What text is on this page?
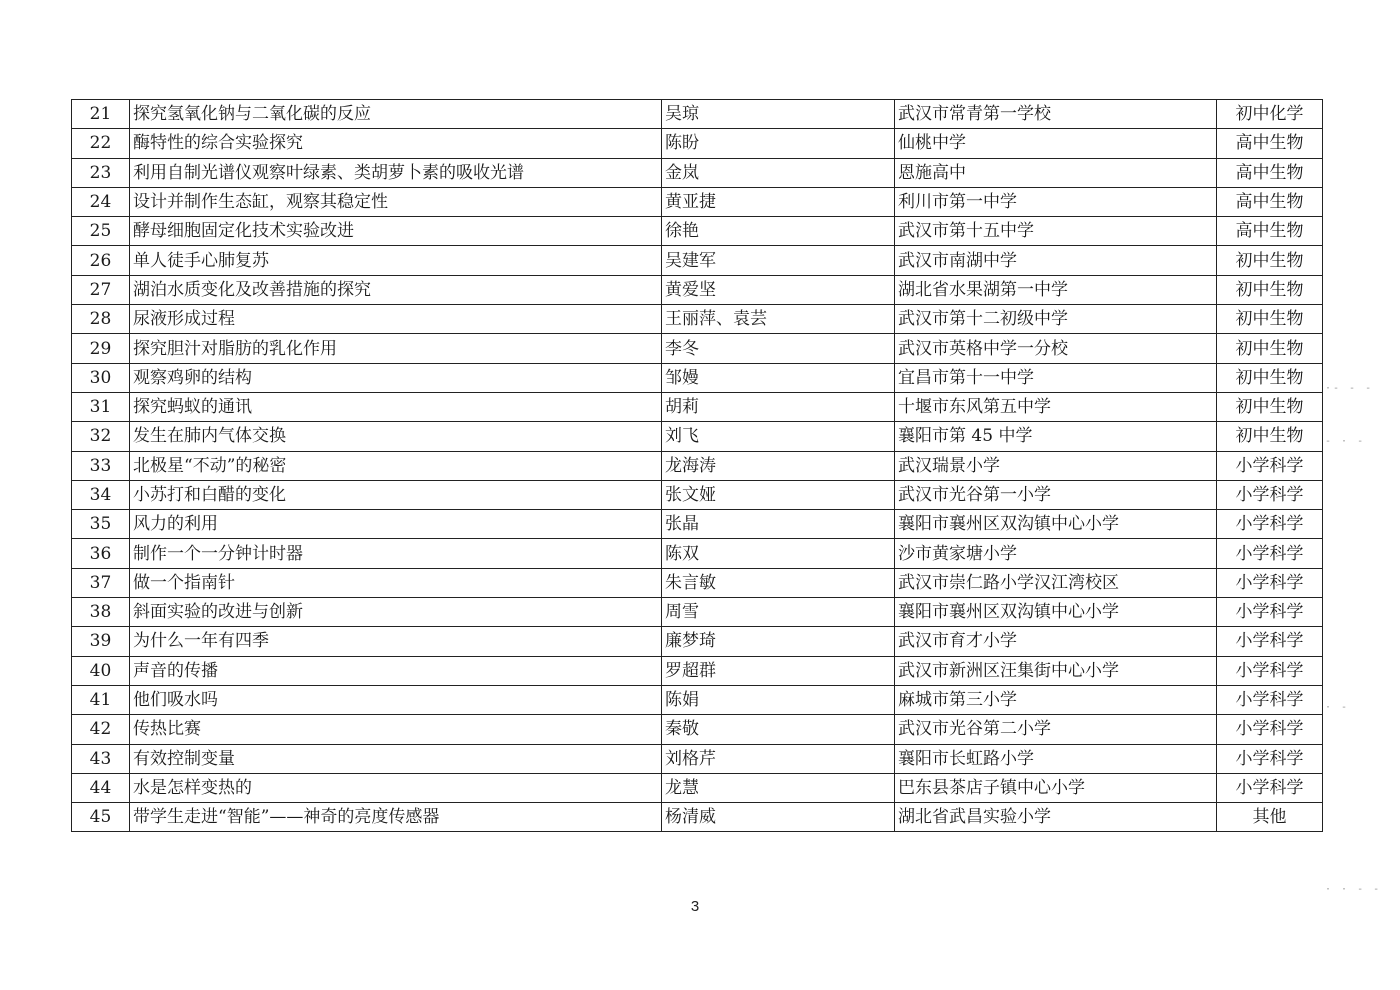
21	探究氢氧化钠与二氧化碳的反应	吴琼	武汉市常青第一学校	初中化学
22	酶特性的综合实验探究	陈盼	仙桃中学	高中生物
23	利用自制光谱仪观察叶绿素、类胡萝卜素的吸收光谱	金岚	恩施高中	高中生物
24	设计并制作生态缸，观察其稳定性	黄亚捷	利川市第一中学	高中生物
25	酵母细胞固定化技术实验改进	徐艳	武汉市第十五中学	高中生物
26	单人徒手心肺复苏	吴建军	武汉市南湖中学	初中生物
27	湖泊水质变化及改善措施的探究	黄爱坚	湖北省水果湖第一中学	初中生物
28	尿液形成过程	王丽萍、袁芸	武汉市第十二初级中学	初中生物
29	探究胆汁对脂肪的乳化作用	李冬	武汉市英格中学一分校	初中生物
30	观察鸡卵的结构	邹嫚	宜昌市第十一中学	初中生物
31	探究蚂蚁的通讯	胡莉	十堰市东风第五中学	初中生物
32	发生在肺内气体交换	刘飞	襄阳市第 45 中学	初中生物
33	北极星“不动”的秘密	龙海涛	武汉瑞景小学	小学科学
34	小苏打和白醋的变化	张文娅	武汉市光谷第一小学	小学科学
35	风力的利用	张晶	襄阳市襄州区双沟镇中心小学	小学科学
36	制作一个一分钟计时器	陈双	沙市黄家塘小学	小学科学
37	做一个指南针	朱言敏	武汉市崇仁路小学汉江湾校区	小学科学
38	斜面实验的改进与创新	周雪	襄阳市襄州区双沟镇中心小学	小学科学
39	为什么一年有四季	廉梦琦	武汉市育才小学	小学科学
40	声音的传播	罗超群	武汉市新洲区汪集街中心小学	小学科学
41	他们吸水吗	陈娟	麻城市第三小学	小学科学
42	传热比赛	秦敬	武汉市光谷第二小学	小学科学
43	有效控制变量	刘格芹	襄阳市长虹路小学	小学科学
44	水是怎样变热的	龙慧	巴东县茶店子镇中心小学	小学科学
45	带学生走进“智能”——神奇的亮度传感器	杨清威	湖北省武昌实验小学	其他
3
·- - -
- · -
· -
· · - -
